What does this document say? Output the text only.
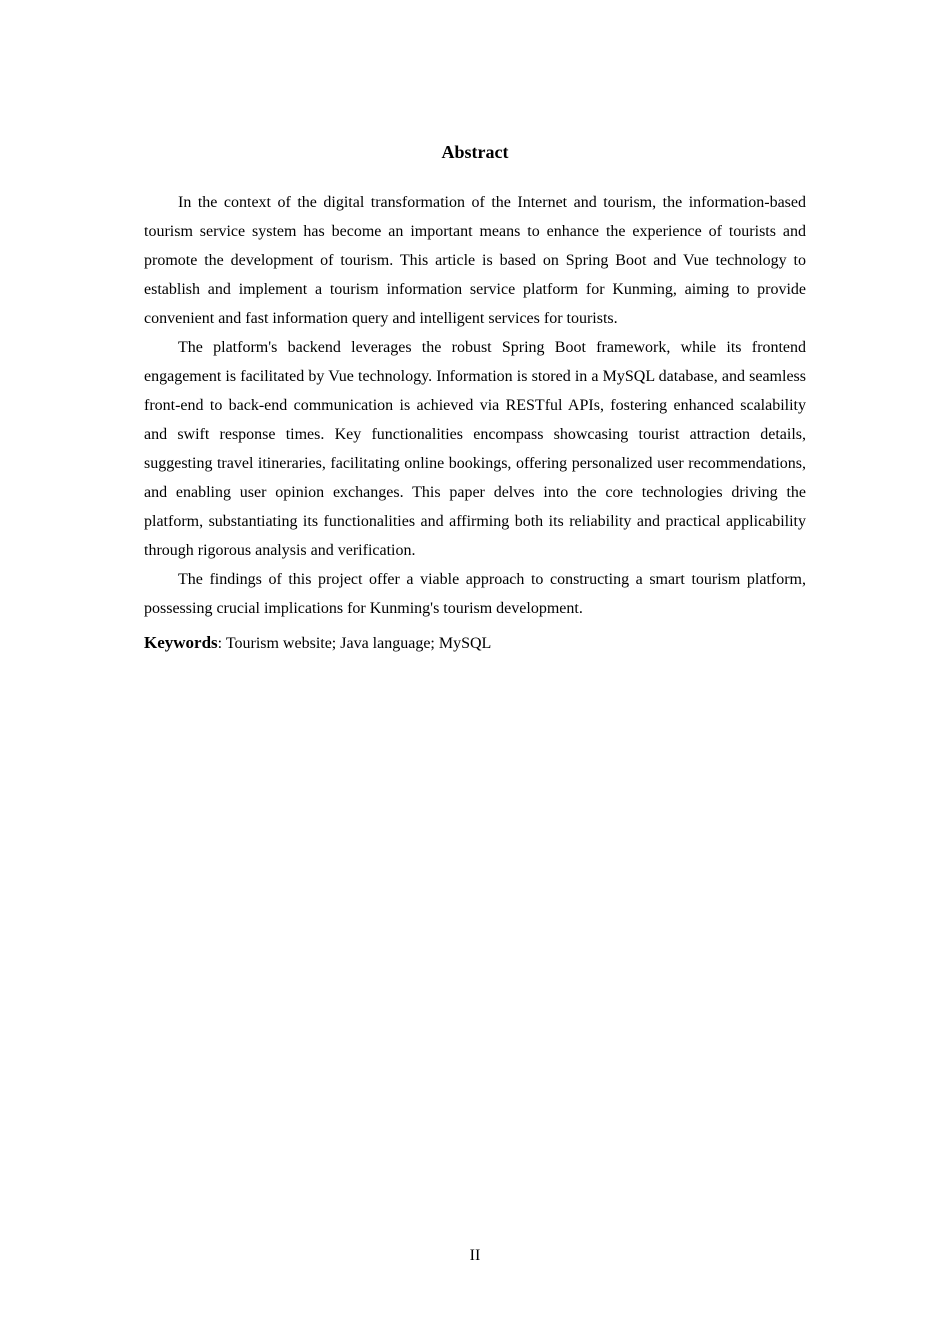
Abstract

In the context of the digital transformation of the Internet and tourism, the information-based tourism service system has become an important means to enhance the experience of tourists and promote the development of tourism. This article is based on Spring Boot and Vue technology to establish and implement a tourism information service platform for Kunming, aiming to provide convenient and fast information query and intelligent services for tourists.

The platform's backend leverages the robust Spring Boot framework, while its frontend engagement is facilitated by Vue technology. Information is stored in a MySQL database, and seamless front-end to back-end communication is achieved via RESTful APIs, fostering enhanced scalability and swift response times. Key functionalities encompass showcasing tourist attraction details, suggesting travel itineraries, facilitating online bookings, offering personalized user recommendations, and enabling user opinion exchanges. This paper delves into the core technologies driving the platform, substantiating its functionalities and affirming both its reliability and practical applicability through rigorous analysis and verification.

The findings of this project offer a viable approach to constructing a smart tourism platform, possessing crucial implications for Kunming's tourism development.

Keywords: Tourism website; Java language; MySQL

II
